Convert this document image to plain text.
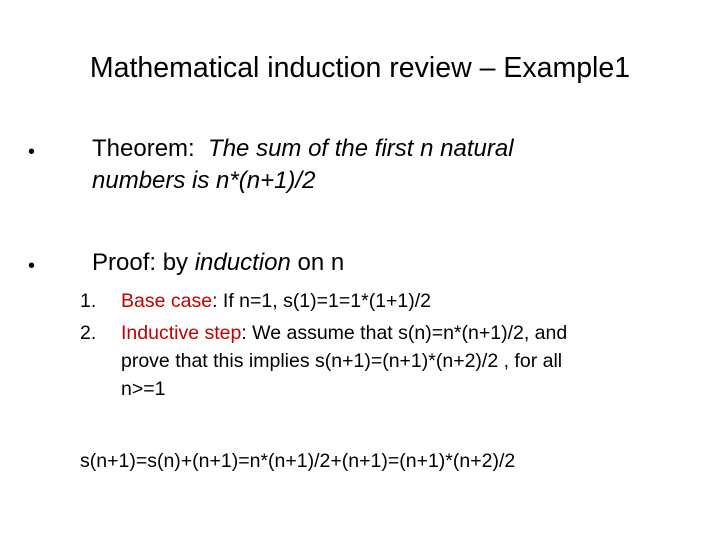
Mathematical induction review – Example1
•	Theorem:  The sum of the first n natural
numbers is n*(n+1)/2
•	Proof: by induction on n
1.	Base case: If n=1, s(1)=1=1*(1+1)/2
2.	Inductive step: We assume that s(n)=n*(n+1)/2, and
prove that this implies s(n+1)=(n+1)*(n+2)/2 , for all
n>=1
s(n+1)=s(n)+(n+1)=n*(n+1)/2+(n+1)=(n+1)*(n+2)/2
